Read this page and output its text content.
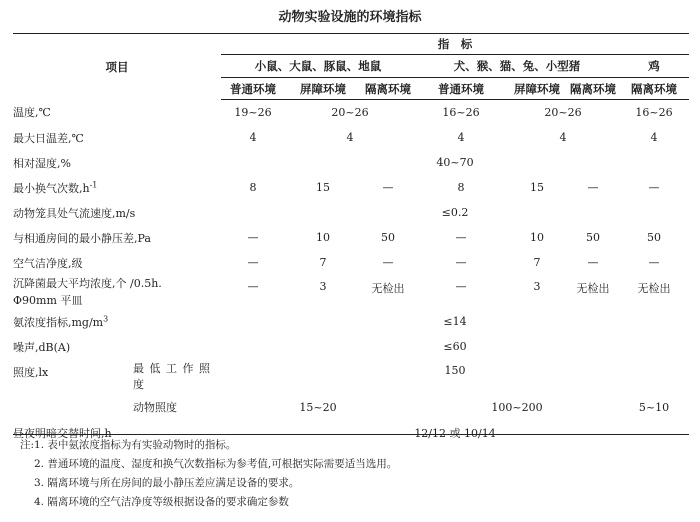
动物实验设施的环境指标
项目		指　标						
		小鼠、大鼠、豚鼠、地鼠			犬、猴、猫、兔、小型猪			鸡
		普通环境	屏障环境	隔离环境	普通环境	屏障环境	隔离环境	隔离环境
温度,℃		19~26	20~26		16~26	20~26		16~26
最大日温差,℃		4	4		4	4		4
相对湿度,%		40~70						
最小换气次数$,h^{-1}$		8	15	—	8	15	—	—
动物笼具处气流速度,m/s		≤0.2						
与相通房间的最小静压差,Pa		—	10	50	—	10	50	50
空气洁净度,级		—	7	—	—	7	—	—

沉降菌最大平均浓度,个 /0.5h.
Φ90mm 平皿		—	3	无检出	—	3	无检出	无检出
氨浓度指标$,mg/m^3$		≤14						
噪声,dB(A)		≤60						
照度,lx	最 低 工 作 照 度	150						
	动物照度	15~20			100~200			5~10
昼夜明暗交替时间,h		12/12 或 10/14						
注:1. 表中氨浓度指标为有实验动物时的指标。
2. 普通环境的温度、湿度和换气次数指标为参考值,可根据实际需要适当选用。
3. 隔离环境与所在房间的最小静压差应满足设备的要求。
4. 隔离环境的空气洁净度等级根据设备的要求确定参数
